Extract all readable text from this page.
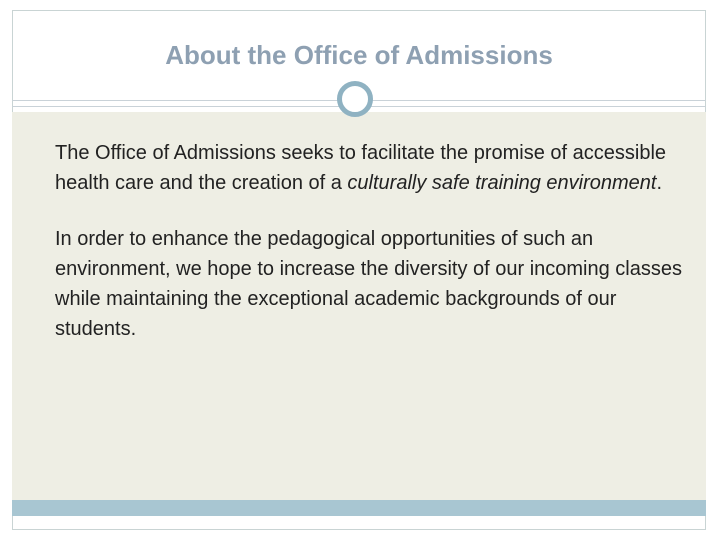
About the Office of Admissions

The Office of Admissions seeks to facilitate the promise of accessible health care and the creation of a culturally safe training environment.

In order to enhance the pedagogical opportunities of such an environment, we hope to increase the diversity of our incoming classes while maintaining the exceptional academic backgrounds of our students.
